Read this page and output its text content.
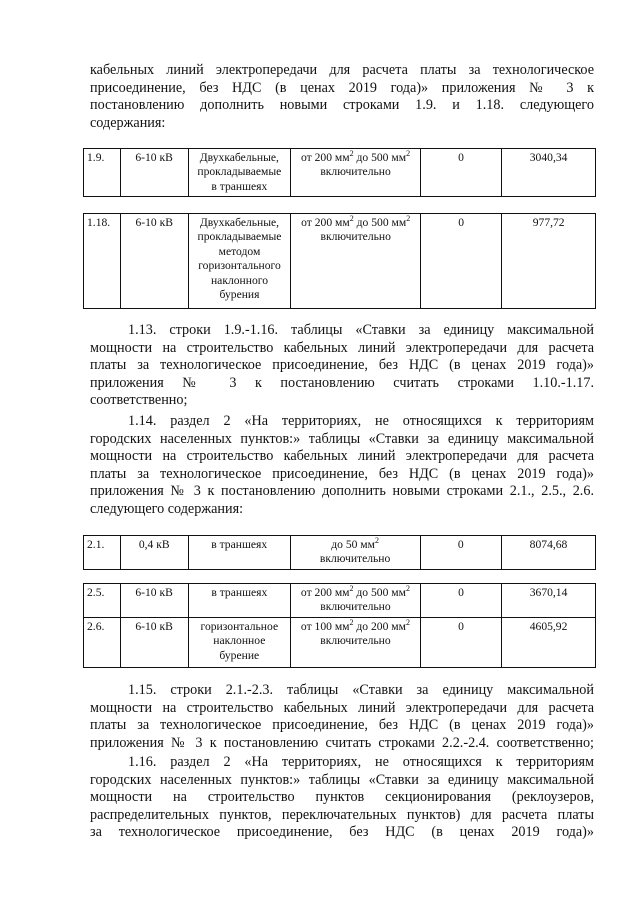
кабельных линий электропередачи для расчета платы за технологическое
присоединение, без НДС (в ценах 2019 года)» приложения № 3 к
постановлению дополнить новыми строками 1.9. и 1.18. следующего
содержания:
1.9.	6-10 кВ	Двухкабельные,
прокладываемые
в траншеях
	от 200 $мм^2$ до 500 $мм^2$
включительно	0	3040,34
1.18.	6-10 кВ	Двухкабельные,
прокладываемые
методом
горизонтального
наклонного
бурения
	от 200 $мм^2$ до 500 $мм^2$
включительно	0	977,72
1.13. строки 1.9.-1.16. таблицы «Ставки за единицу максимальной
мощности на строительство кабельных линий электропередачи для расчета
платы за технологическое присоединение, без НДС (в ценах 2019 года)»
приложения № 3 к постановлению считать строками 1.10.-1.17.
соответственно;
1.14. раздел 2 «На территориях, не относящихся к территориям
городских населенных пунктов:» таблицы «Ставки за единицу максимальной
мощности на строительство кабельных линий электропередачи для расчета
платы за технологическое присоединение, без НДС (в ценах 2019 года)»
приложения № 3 к постановлению дополнить новыми строками 2.1., 2.5., 2.6.
следующего содержания:
2.1.	0,4 кВ	в траншеях	до 50 $мм^2$
включительно	0	8074,68
2.5.	6-10 кВ	в траншеях	от 200 $мм^2$ до 500 $мм^2$
включительно	0	3670,14
2.6.	6-10 кВ	горизонтальное
наклонное
бурение	от 100 $мм^2$ до 200 $мм^2$
включительно	0	4605,92
1.15. строки 2.1.-2.3. таблицы «Ставки за единицу максимальной
мощности на строительство кабельных линий электропередачи для расчета
платы за технологическое присоединение, без НДС (в ценах 2019 года)»
приложения № 3 к постановлению считать строками 2.2.-2.4. соответственно;
1.16. раздел 2 «На территориях, не относящихся к территориям
городских населенных пунктов:» таблицы «Ставки за единицу максимальной
мощности на строительство пунктов секционирования (реклоузеров,
распределительных пунктов, переключательных пунктов) для расчета платы
за технологическое присоединение, без НДС (в ценах 2019 года)»
